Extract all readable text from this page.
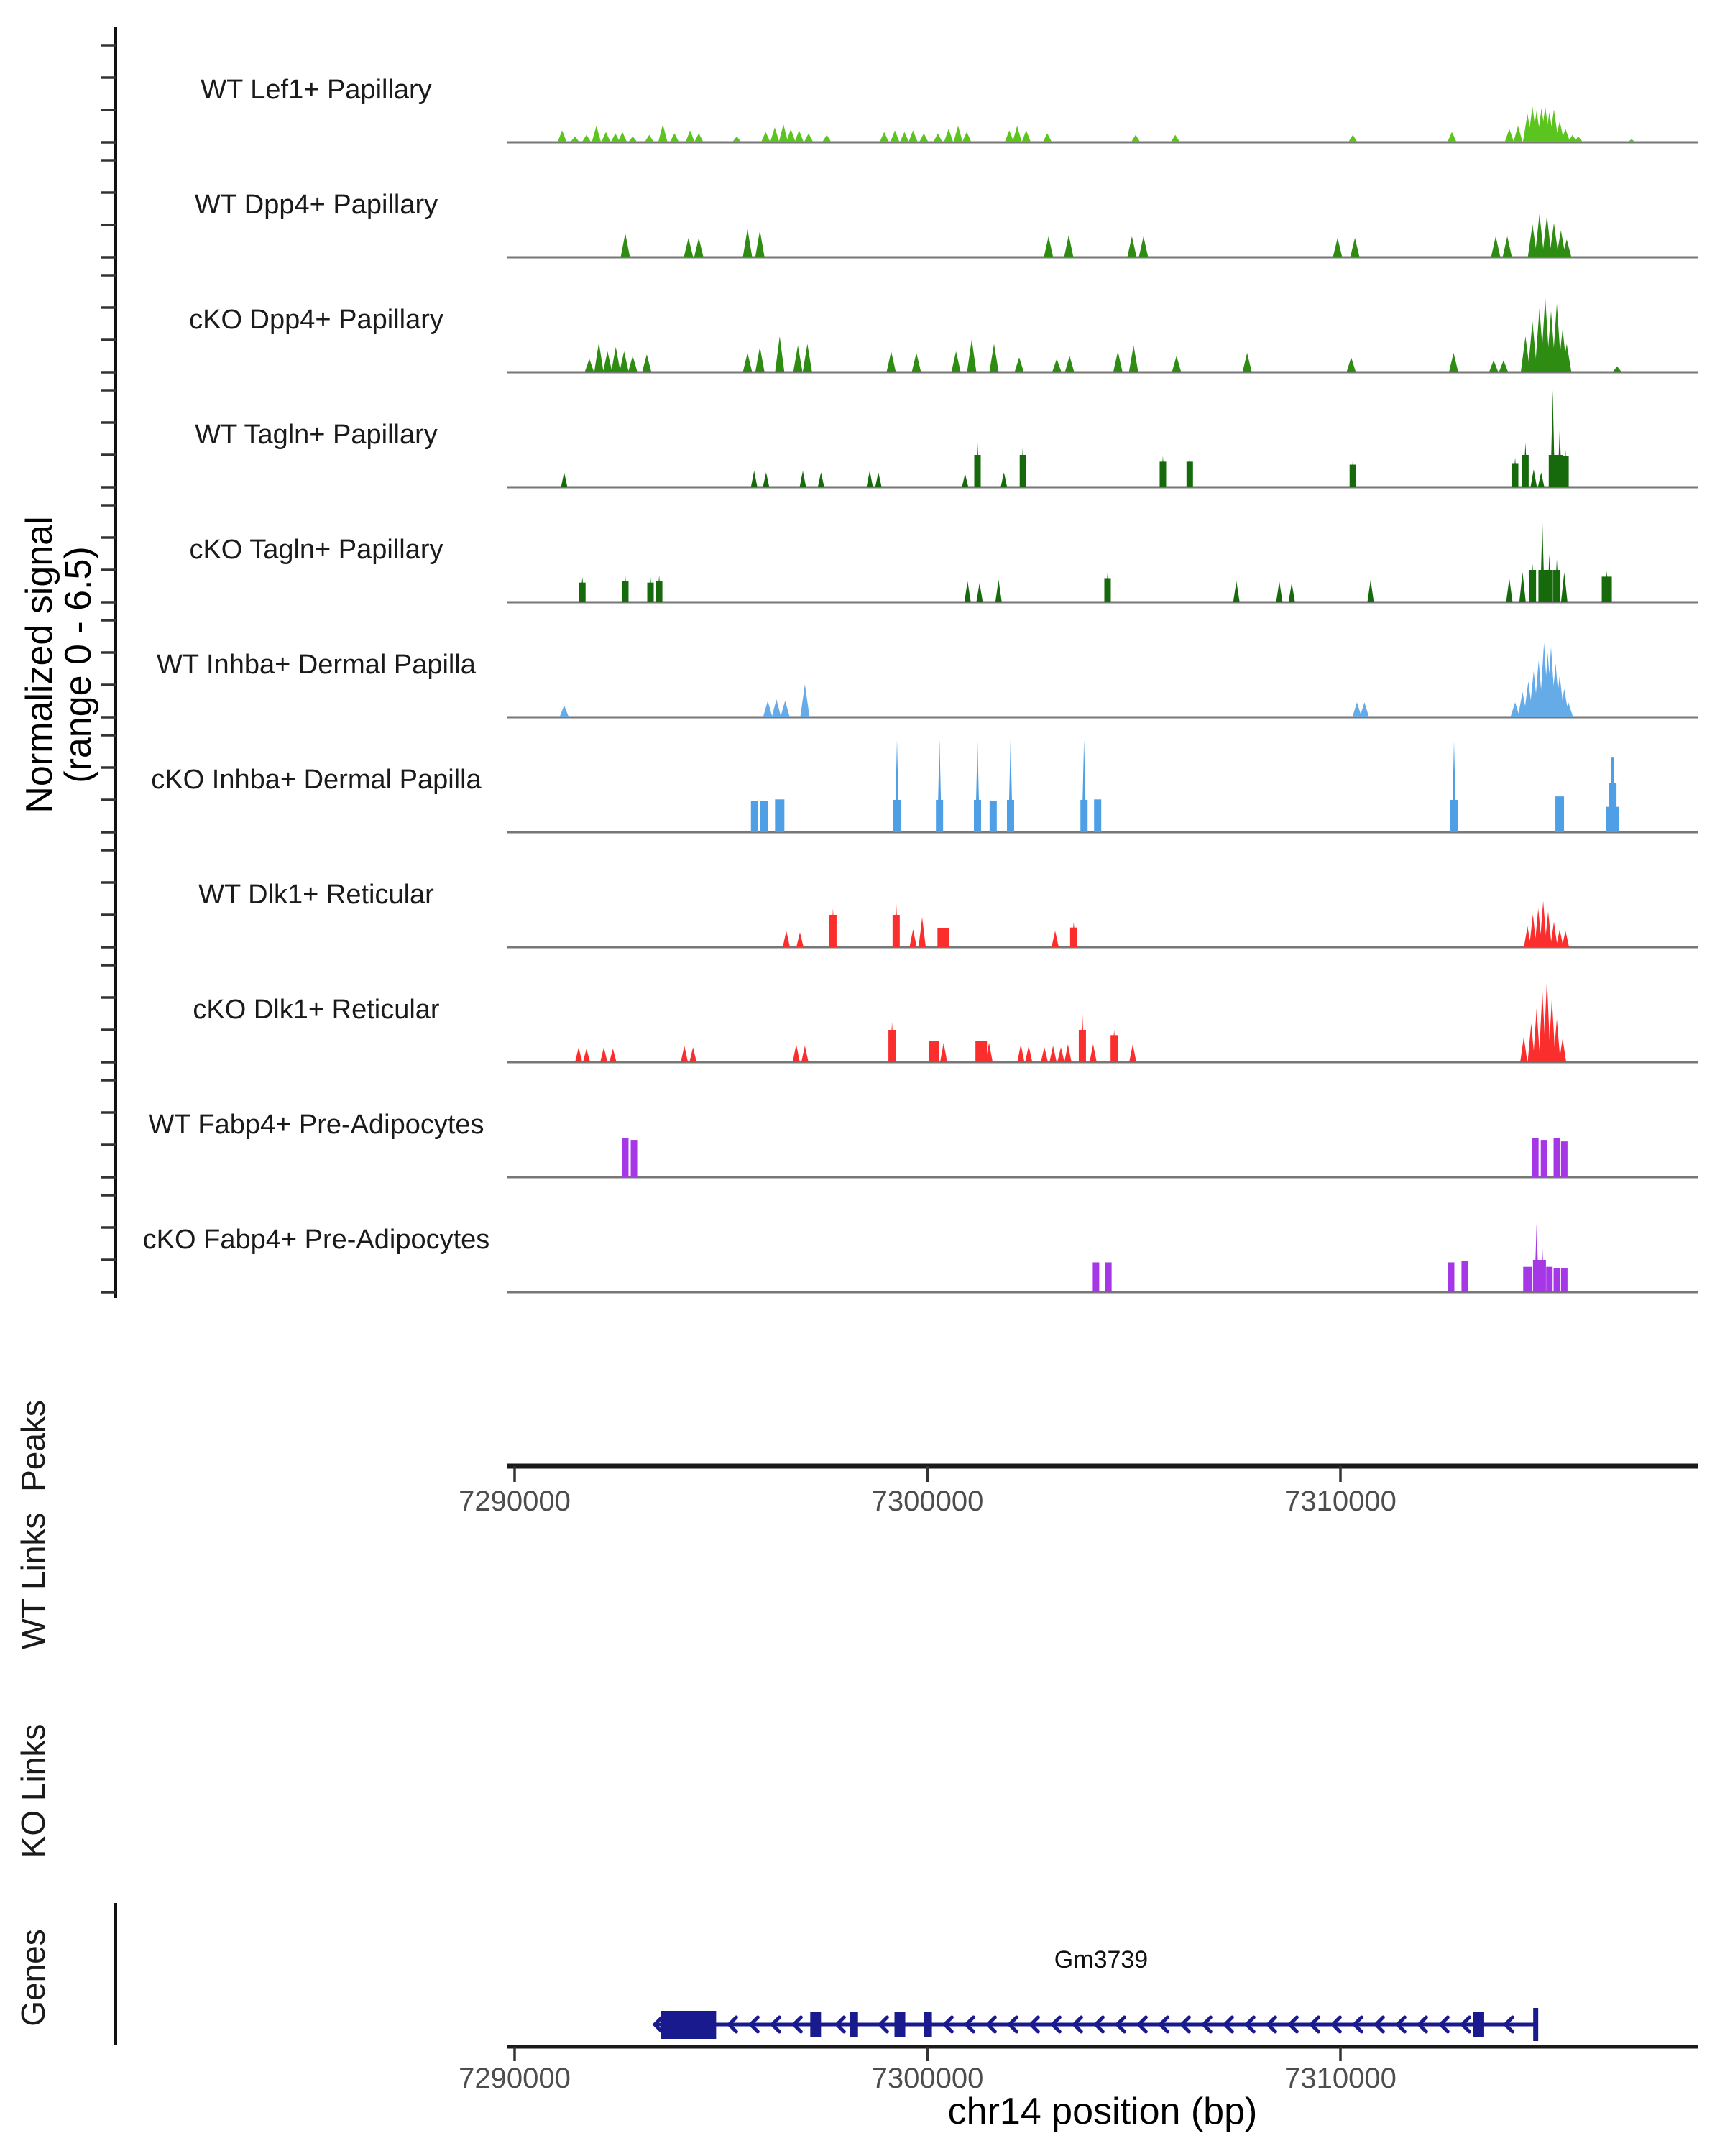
Normalized signal
(range 0 - 6.5)
WT Lef1+ Papillary
WT Dpp4+ Papillary
cKO Dpp4+ Papillary
WT Tagln+ Papillary
cKO Tagln+ Papillary
WT Inhba+ Dermal Papilla
cKO Inhba+ Dermal Papilla
WT Dlk1+ Reticular
cKO Dlk1+ Reticular
WT Fabp4+ Pre-Adipocytes
cKO Fabp4+ Pre-Adipocytes
7290000	7300000	7310000
Peaks
WT Links
KO Links
Genes	Gm3739
7290000	7300000	7310000
chr14 position (bp)
